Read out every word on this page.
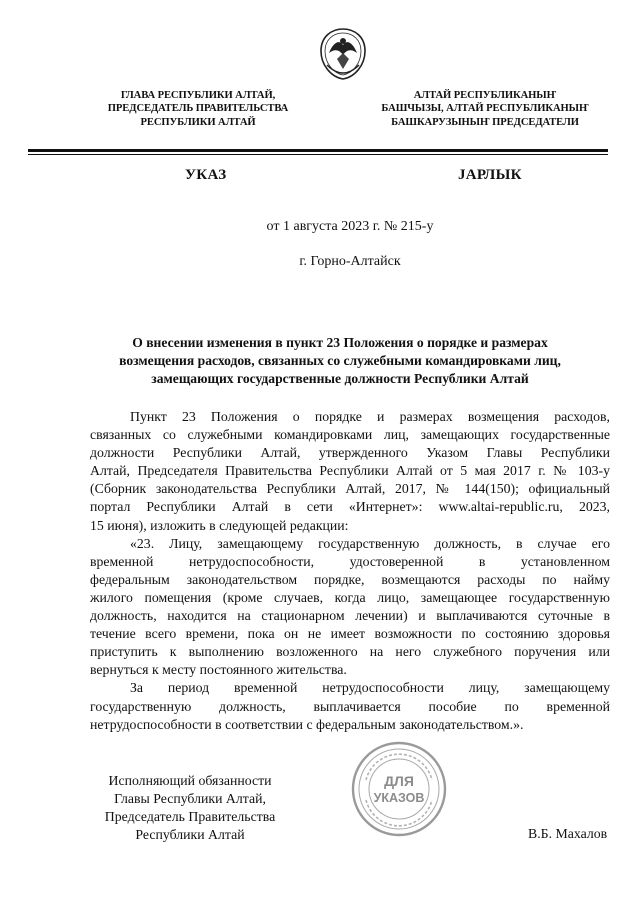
ГЛАВА РЕСПУБЛИКИ АЛТАЙ,
ПРЕДСЕДАТЕЛЬ ПРАВИТЕЛЬСТВА
РЕСПУБЛИКИ АЛТАЙ
АЛТАЙ РЕСПУБЛИКАНЫҤ
БАШЧЫЗЫ, АЛТАЙ РЕСПУБЛИКАНЫҤ
БАШКАРУЗЫНЫҤ ПРЕДСЕДАТЕЛИ
УКАЗ	ЈАРЛЫК
от 1 августа 2023 г. № 215-у
г. Горно-Алтайск
О внесении изменения в пункт 23 Положения о порядке и размерах
возмещения расходов, связанных со служебными командировками лиц,
замещающих государственные должности Республики Алтай

Пункт 23 Положения о порядке и размерах возмещения расходов,
связанных со служебными командировками лиц, замещающих государственные
должности Республики Алтай, утвержденного Указом Главы Республики
Алтай, Председателя Правительства Республики Алтай от 5 мая 2017 г. № 103-у
(Сборник законодательства Республики Алтай, 2017, № 144(150); официальный
портал Республики Алтай в сети «Интернет»: www.altai-republic.ru, 2023,
15 июня), изложить в следующей редакции:

«23. Лицу, замещающему государственную должность, в случае его
временной нетрудоспособности, удостоверенной в установленном
федеральным законодательством порядке, возмещаются расходы по найму
жилого помещения (кроме случаев, когда лицо, замещающее государственную
должность, находится на стационарном лечении) и выплачиваются суточные в
течение всего времени, пока он не имеет возможности по состоянию здоровья
приступить к выполнению возложенного на него служебного поручения или
вернуться к месту постоянного жительства.

За период временной нетрудоспособности лицу, замещающему
государственную должность, выплачивается пособие по временной
нетрудоспособности в соответствии с федеральным законодательством.».

Исполняющий обязанности
Главы Республики Алтай,
Председатель Правительства
Республики Алтай
ДЛЯ
УКАЗОВ
В.Б. Махалов
